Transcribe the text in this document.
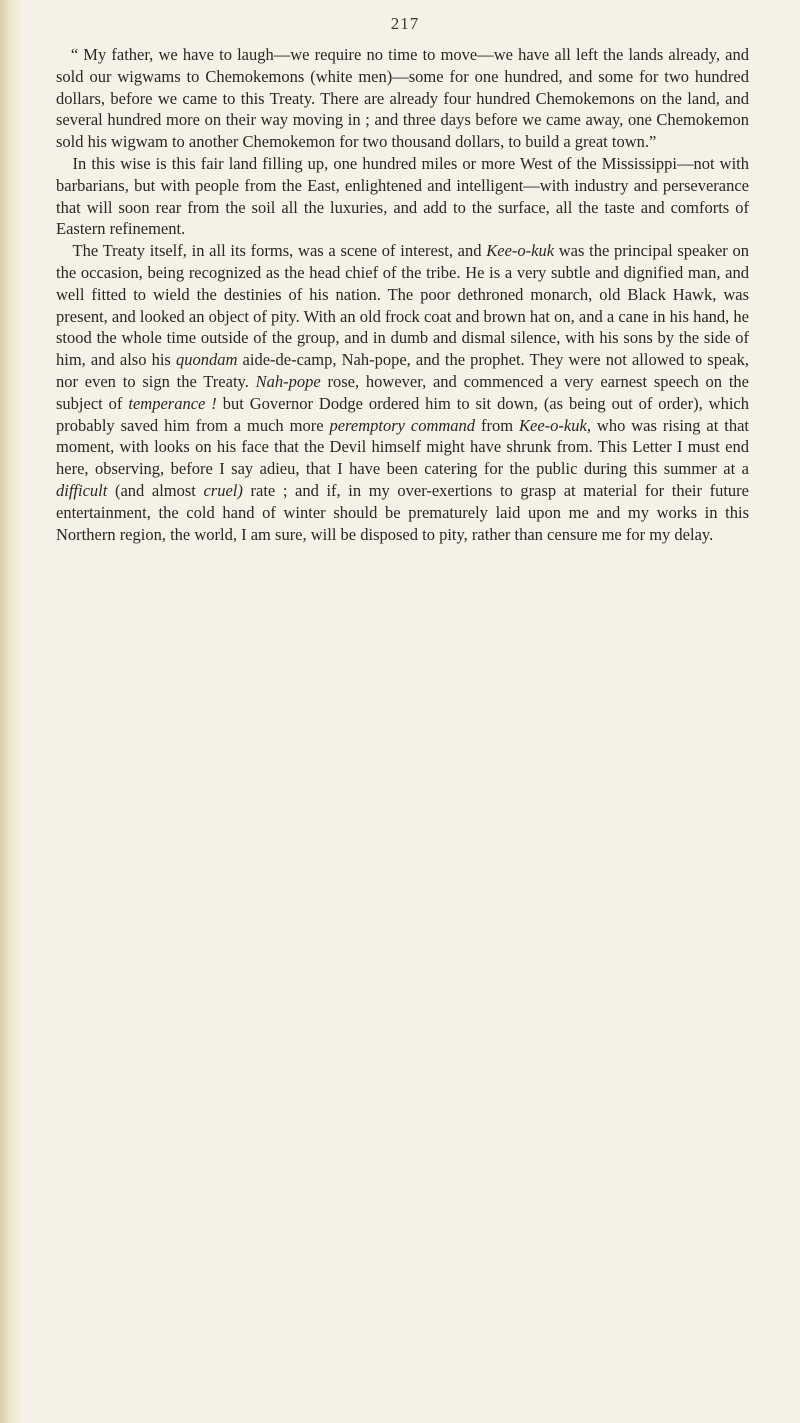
217

“ My father, we have to laugh—we require no time to move—we have all left the lands already, and sold our wigwams to Chemokemons (white men)—some for one hundred, and some for two hundred dollars, before we came to this Treaty. There are already four hundred Chemokemons on the land, and several hundred more on their way moving in ; and three days before we came away, one Chemokemon sold his wigwam to another Chemokemon for two thousand dollars, to build a great town.”

In this wise is this fair land filling up, one hundred miles or more West of the Mississippi—not with barbarians, but with people from the East, enlightened and intelligent—with industry and perseverance that will soon rear from the soil all the luxuries, and add to the surface, all the taste and comforts of Eastern refinement.

The Treaty itself, in all its forms, was a scene of interest, and Kee-o-kuk was the principal speaker on the occasion, being recognized as the head chief of the tribe. He is a very subtle and dignified man, and well fitted to wield the destinies of his nation. The poor dethroned monarch, old Black Hawk, was present, and looked an object of pity. With an old frock coat and brown hat on, and a cane in his hand, he stood the whole time outside of the group, and in dumb and dismal silence, with his sons by the side of him, and also his quondam aide-de-camp, Nah-pope, and the prophet. They were not allowed to speak, nor even to sign the Treaty. Nah-pope rose, however, and commenced a very earnest speech on the subject of temperance ! but Governor Dodge ordered him to sit down, (as being out of order), which probably saved him from a much more peremptory command from Kee-o-kuk, who was rising at that moment, with looks on his face that the Devil himself might have shrunk from. This Letter I must end here, observing, before I say adieu, that I have been catering for the public during this summer at a difficult (and almost cruel) rate ; and if, in my over-exertions to grasp at material for their future entertainment, the cold hand of winter should be prematurely laid upon me and my works in this Northern region, the world, I am sure, will be disposed to pity, rather than censure me for my delay.
